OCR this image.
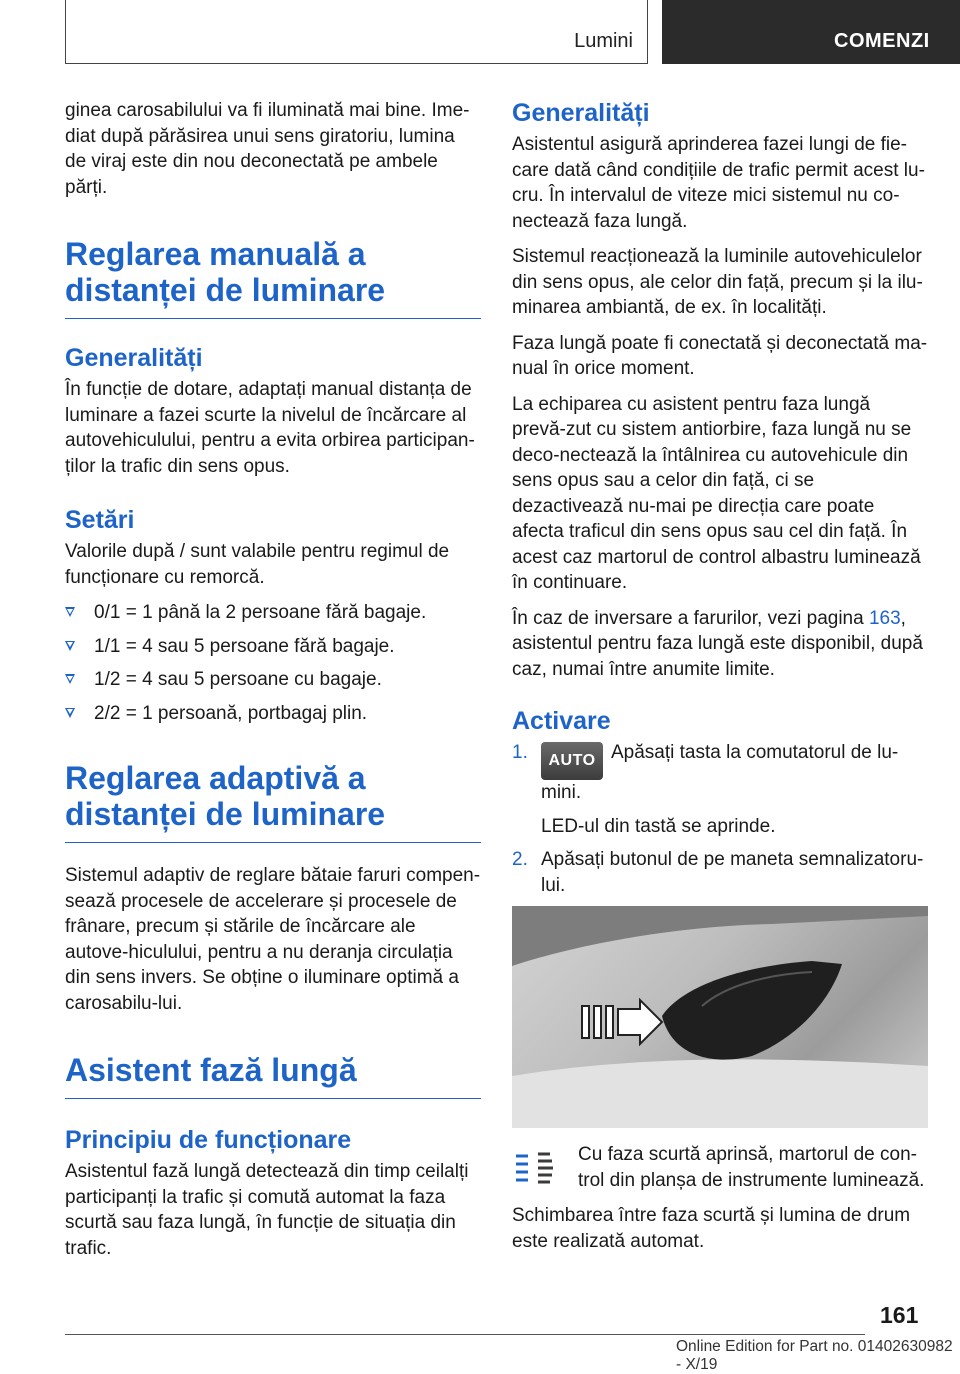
Lumini	COMENZI

ginea carosabilului va fi iluminată mai bine. Ime-diat după părăsirea unui sens giratoriu, lumina de viraj este din nou deconectată pe ambele părți.

Reglarea manuală a distanței de luminare
Generalități

În funcție de dotare, adaptați manual distanța de luminare a fazei scurte la nivelul de încărcare al autovehiculului, pentru a evita orbirea participan-ților la trafic din sens opus.

Setări

Valorile după / sunt valabile pentru regimul de funcționare cu remorcă.

0/1 = 1 până la 2 persoane fără bagaje.
1/1 = 4 sau 5 persoane fără bagaje.
1/2 = 4 sau 5 persoane cu bagaje.
2/2 = 1 persoană, portbagaj plin.
Reglarea adaptivă a distanței de luminare

Sistemul adaptiv de reglare bătaie faruri compen-sează procesele de accelerare și procesele de frânare, precum și stările de încărcare ale autove-hiculului, pentru a nu deranja circulația din sens invers. Se obține o iluminare optimă a carosabilu-lui.

Asistent fază lungă
Principiu de funcționare

Asistentul fază lungă detectează din timp ceilalți participanți la trafic și comută automat la faza scurtă sau faza lungă, în funcție de situația din trafic.

Generalități

Asistentul asigură aprinderea fazei lungi de fie-care dată când condițiile de trafic permit acest lu-cru. În intervalul de viteze mici sistemul nu co-nectează faza lungă.

Sistemul reacționează la luminile autovehiculelor din sens opus, ale celor din față, precum și la ilu-minarea ambiantă, de ex. în localități.

Faza lungă poate fi conectată și deconectată ma-nual în orice moment.

La echiparea cu asistent pentru faza lungă prevă-zut cu sistem antiorbire, faza lungă nu se deco-nectează la întâlnirea cu autovehicule din sens opus sau a celor din față, ci se dezactivează nu-mai pe direcția care poate afecta traficul din sens opus sau cel din față. În acest caz martorul de control albastru luminează în continuare.

În caz de inversare a farurilor, vezi pagina 163, asistentul pentru faza lungă este disponibil, după caz, numai între anumite limite.

Activare
1. AUTO Apăsați tasta la comutatorul de lu-mini.
LED-ul din tastă se aprinde.
2. Apăsați butonul de pe maneta semnalizatoru-lui.

Cu faza scurtă aprinsă, martorul de con-trol din planșa de instrumente luminează.

Schimbarea între faza scurtă și lumina de drum este realizată automat.

161
Online Edition for Part no. 01402630982 - X/19
